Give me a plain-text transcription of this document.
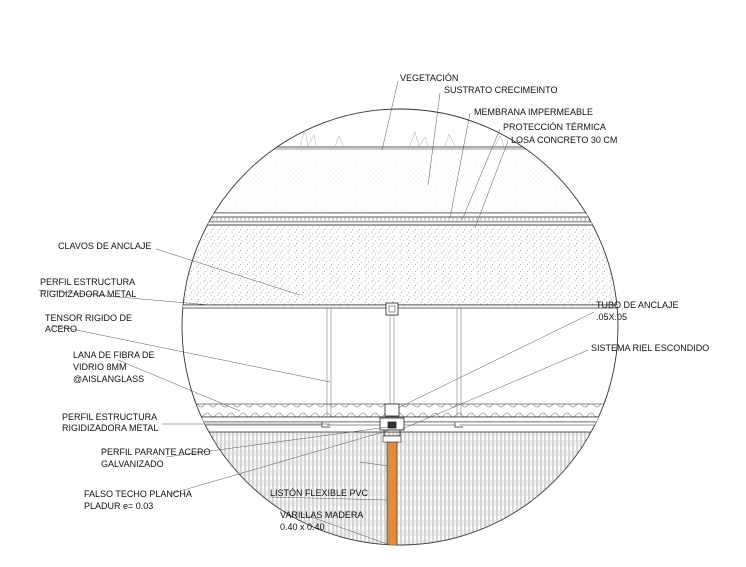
VEGETACIÓN
SUSTRATO CRECIMEINTO
MEMBRANA IMPERMEABLE
PROTECCIÓN TÉRMICA
LOSA CONCRETO 30 CM
CLAVOS DE ANCLAJE
PERFIL ESTRUCTURA
RIGIDIZADORA METAL
TENSOR RIGIDO DE
ACERO
LANA DE FIBRA DE
VIDRIO 8MM
@AISLANGLASS
PERFIL ESTRUCTURA
RIGIDIZADORA METAL
PERFIL PARANTE ACERO
GALVANIZADO
FALSO TECHO PLANCHA
PLADUR e= 0.03
LISTÓN FLEXIBLE PVC
VARILLAS MADERA
0.40 x 0.40
TUBO DE ANCLAJE
.05X.05
SISTEMA RIEL ESCONDIDO
